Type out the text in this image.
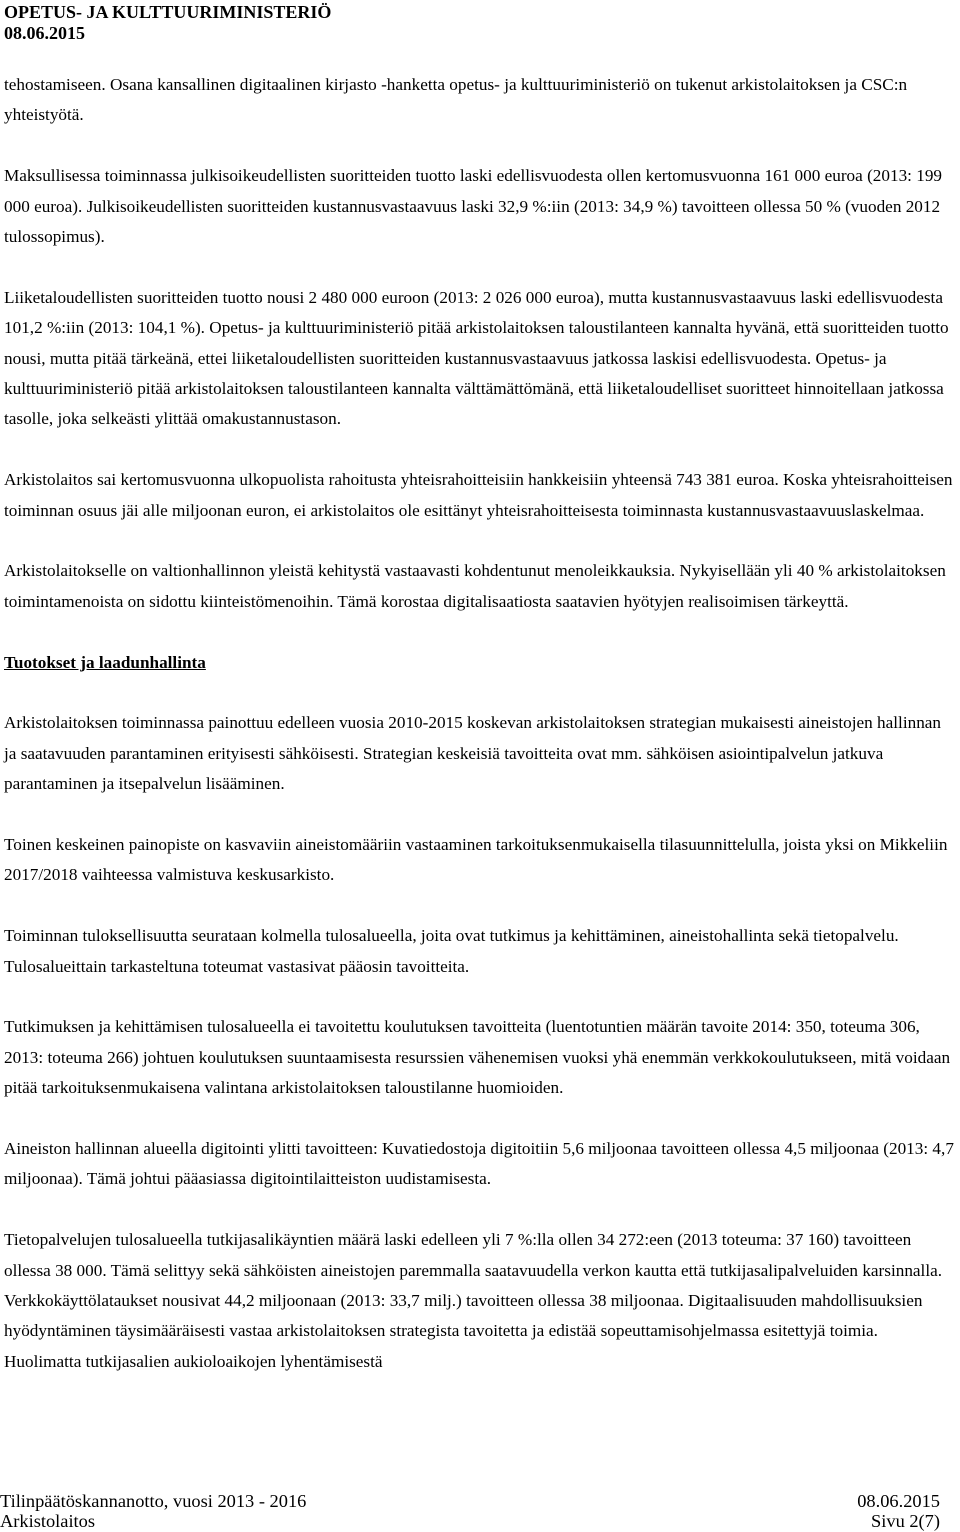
OPETUS- JA KULTTUURIMINISTERIÖ
08.06.2015

tehostamiseen. Osana kansallinen digitaalinen kirjasto -hanketta opetus- ja kulttuuriministeriö on tukenut arkistolaitoksen ja CSC:n yhteistyötä.

Maksullisessa toiminnassa julkisoikeudellisten suoritteiden tuotto laski edellisvuodesta ollen kertomusvuonna 161 000 euroa (2013: 199 000 euroa). Julkisoikeudellisten suoritteiden kustannusvastaavuus laski 32,9 %:iin (2013: 34,9 %) tavoitteen ollessa 50 % (vuoden 2012 tulossopimus).

Liiketaloudellisten suoritteiden tuotto nousi 2 480 000 euroon (2013: 2 026 000 euroa), mutta kustannusvastaavuus laski edellisvuodesta 101,2 %:iin (2013: 104,1 %). Opetus- ja kulttuuriministeriö pitää arkistolaitoksen taloustilanteen kannalta hyvänä, että suoritteiden tuotto nousi, mutta pitää tärkeänä, ettei liiketaloudellisten suoritteiden kustannusvastaavuus jatkossa laskisi edellisvuodesta. Opetus- ja kulttuuriministeriö pitää arkistolaitoksen taloustilanteen kannalta välttämättömänä, että liiketaloudelliset suoritteet hinnoitellaan jatkossa tasolle, joka selkeästi ylittää omakustannustason.

Arkistolaitos sai kertomusvuonna ulkopuolista rahoitusta yhteisrahoitteisiin hankkeisiin yhteensä 743 381 euroa. Koska yhteisrahoitteisen toiminnan osuus jäi alle miljoonan euron, ei arkistolaitos ole esittänyt yhteisrahoitteisesta toiminnasta kustannusvastaavuuslaskelmaa.

Arkistolaitokselle on valtionhallinnon yleistä kehitystä vastaavasti kohdentunut menoleikkauksia. Nykyisellään yli 40 % arkistolaitoksen toimintamenoista on sidottu kiinteistömenoihin. Tämä korostaa digitalisaatiosta saatavien hyötyjen realisoimisen tärkeyttä.

Tuotokset ja laadunhallinta

Arkistolaitoksen toiminnassa painottuu edelleen vuosia 2010-2015 koskevan arkistolaitoksen strategian mukaisesti aineistojen hallinnan ja saatavuuden parantaminen erityisesti sähköisesti. Strategian keskeisiä tavoitteita ovat mm. sähköisen asiointipalvelun jatkuva parantaminen ja itsepalvelun lisääminen.

Toinen keskeinen painopiste on kasvaviin aineistomääriin vastaaminen tarkoituksenmukaisella tilasuunnittelulla, joista yksi on Mikkeliin 2017/2018 vaihteessa valmistuva keskusarkisto.

Toiminnan tuloksellisuutta seurataan kolmella tulosalueella, joita ovat tutkimus ja kehittäminen, aineistohallinta sekä tietopalvelu. Tulosalueittain tarkasteltuna toteumat vastasivat pääosin tavoitteita.

Tutkimuksen ja kehittämisen tulosalueella ei tavoitettu koulutuksen tavoitteita (luentotuntien määrän tavoite 2014: 350, toteuma 306, 2013: toteuma 266) johtuen koulutuksen suuntaamisesta resurssien vähenemisen vuoksi yhä enemmän verkkokoulutukseen, mitä voidaan pitää tarkoituksenmukaisena valintana arkistolaitoksen taloustilanne huomioiden.

Aineiston hallinnan alueella digitointi ylitti tavoitteen: Kuvatiedostoja digitoitiin 5,6 miljoonaa tavoitteen ollessa 4,5 miljoonaa (2013: 4,7 miljoonaa). Tämä johtui pääasiassa digitointilaitteiston uudistamisesta.

Tietopalvelujen tulosalueella tutkijasalikäyntien määrä laski edelleen yli 7 %:lla ollen 34 272:een (2013 toteuma: 37 160) tavoitteen ollessa 38 000. Tämä selittyy sekä sähköisten aineistojen paremmalla saatavuudella verkon kautta että tutkijasalipalveluiden karsinnalla. Verkkokäyttölataukset nousivat 44,2 miljoonaan (2013: 33,7 milj.) tavoitteen ollessa 38 miljoonaa. Digitaalisuuden mahdollisuuksien hyödyntäminen täysimääräisesti vastaa arkistolaitoksen strategista tavoitetta ja edistää sopeuttamisohjelmassa esitettyjä toimia. Huolimatta tutkijasalien aukioloaikojen lyhentämisestä

Tilinpäätöskannanotto, vuosi 2013 - 2016
Arkistolaitos
08.06.2015
Sivu 2(7)
